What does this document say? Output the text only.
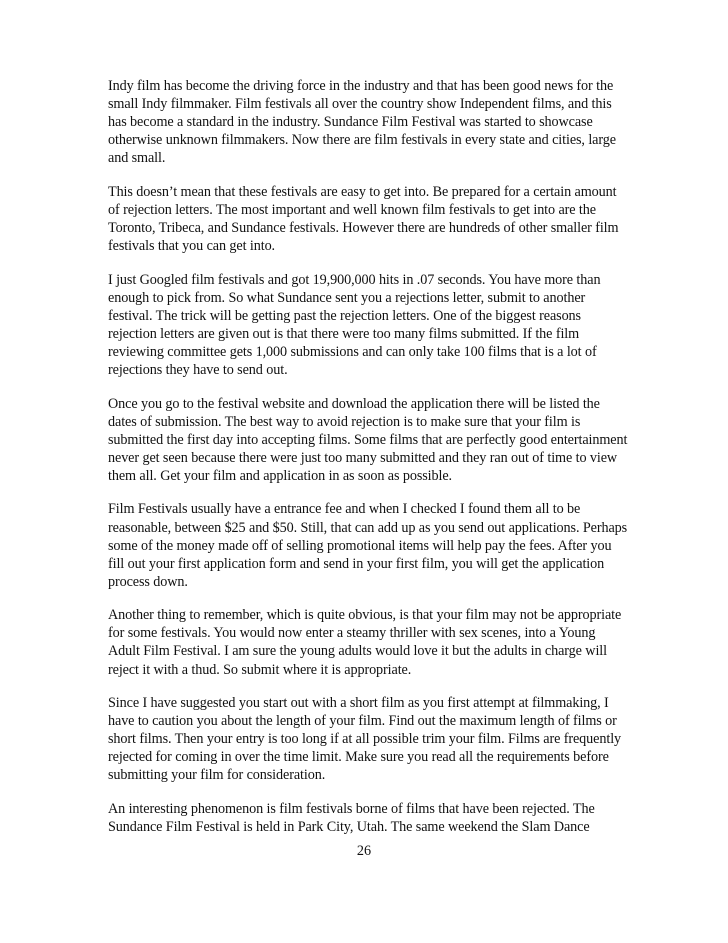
Indy film has become the driving force in the industry and that has been good news for the small Indy filmmaker. Film festivals all over the country show Independent films, and this has become a standard in the industry. Sundance Film Festival was started to showcase otherwise unknown filmmakers. Now there are film festivals in every state and cities, large and small.

This doesn’t mean that these festivals are easy to get into. Be prepared for a certain amount of rejection letters. The most important and well known film festivals to get into are the Toronto, Tribeca, and Sundance festivals. However there are hundreds of other smaller film festivals that you can get into.

I just Googled film festivals and got 19,900,000 hits in .07 seconds. You have more than enough to pick from. So what Sundance sent you a rejections letter, submit to another festival. The trick will be getting past the rejection letters. One of the biggest reasons rejection letters are given out is that there were too many films submitted. If the film reviewing committee gets 1,000 submissions and can only take 100 films that is a lot of rejections they have to send out.

Once you go to the festival website and download the application there will be listed the dates of submission. The best way to avoid rejection is to make sure that your film is submitted the first day into accepting films. Some films that are perfectly good entertainment never get seen because there were just too many submitted and they ran out of time to view them all. Get your film and application in as soon as possible.

Film Festivals usually have a entrance fee and when I checked I found them all to be reasonable, between $25 and $50. Still, that can add up as you send out applications. Perhaps some of the money made off of selling promotional items will help pay the fees. After you fill out your first application form and send in your first film, you will get the application process down.

Another thing to remember, which is quite obvious, is that your film may not be appropriate for some festivals. You would now enter a steamy thriller with sex scenes, into a Young Adult Film Festival. I am sure the young adults would love it but the adults in charge will reject it with a thud. So submit where it is appropriate.

Since I have suggested you start out with a short film as you first attempt at filmmaking, I have to caution you about the length of your film. Find out the maximum length of films or short films. Then your entry is too long if at all possible trim your film. Films are frequently rejected for coming in over the time limit. Make sure you read all the requirements before submitting your film for consideration.

An interesting phenomenon is film festivals borne of films that have been rejected. The Sundance Film Festival is held in Park City, Utah. The same weekend the Slam Dance

26
